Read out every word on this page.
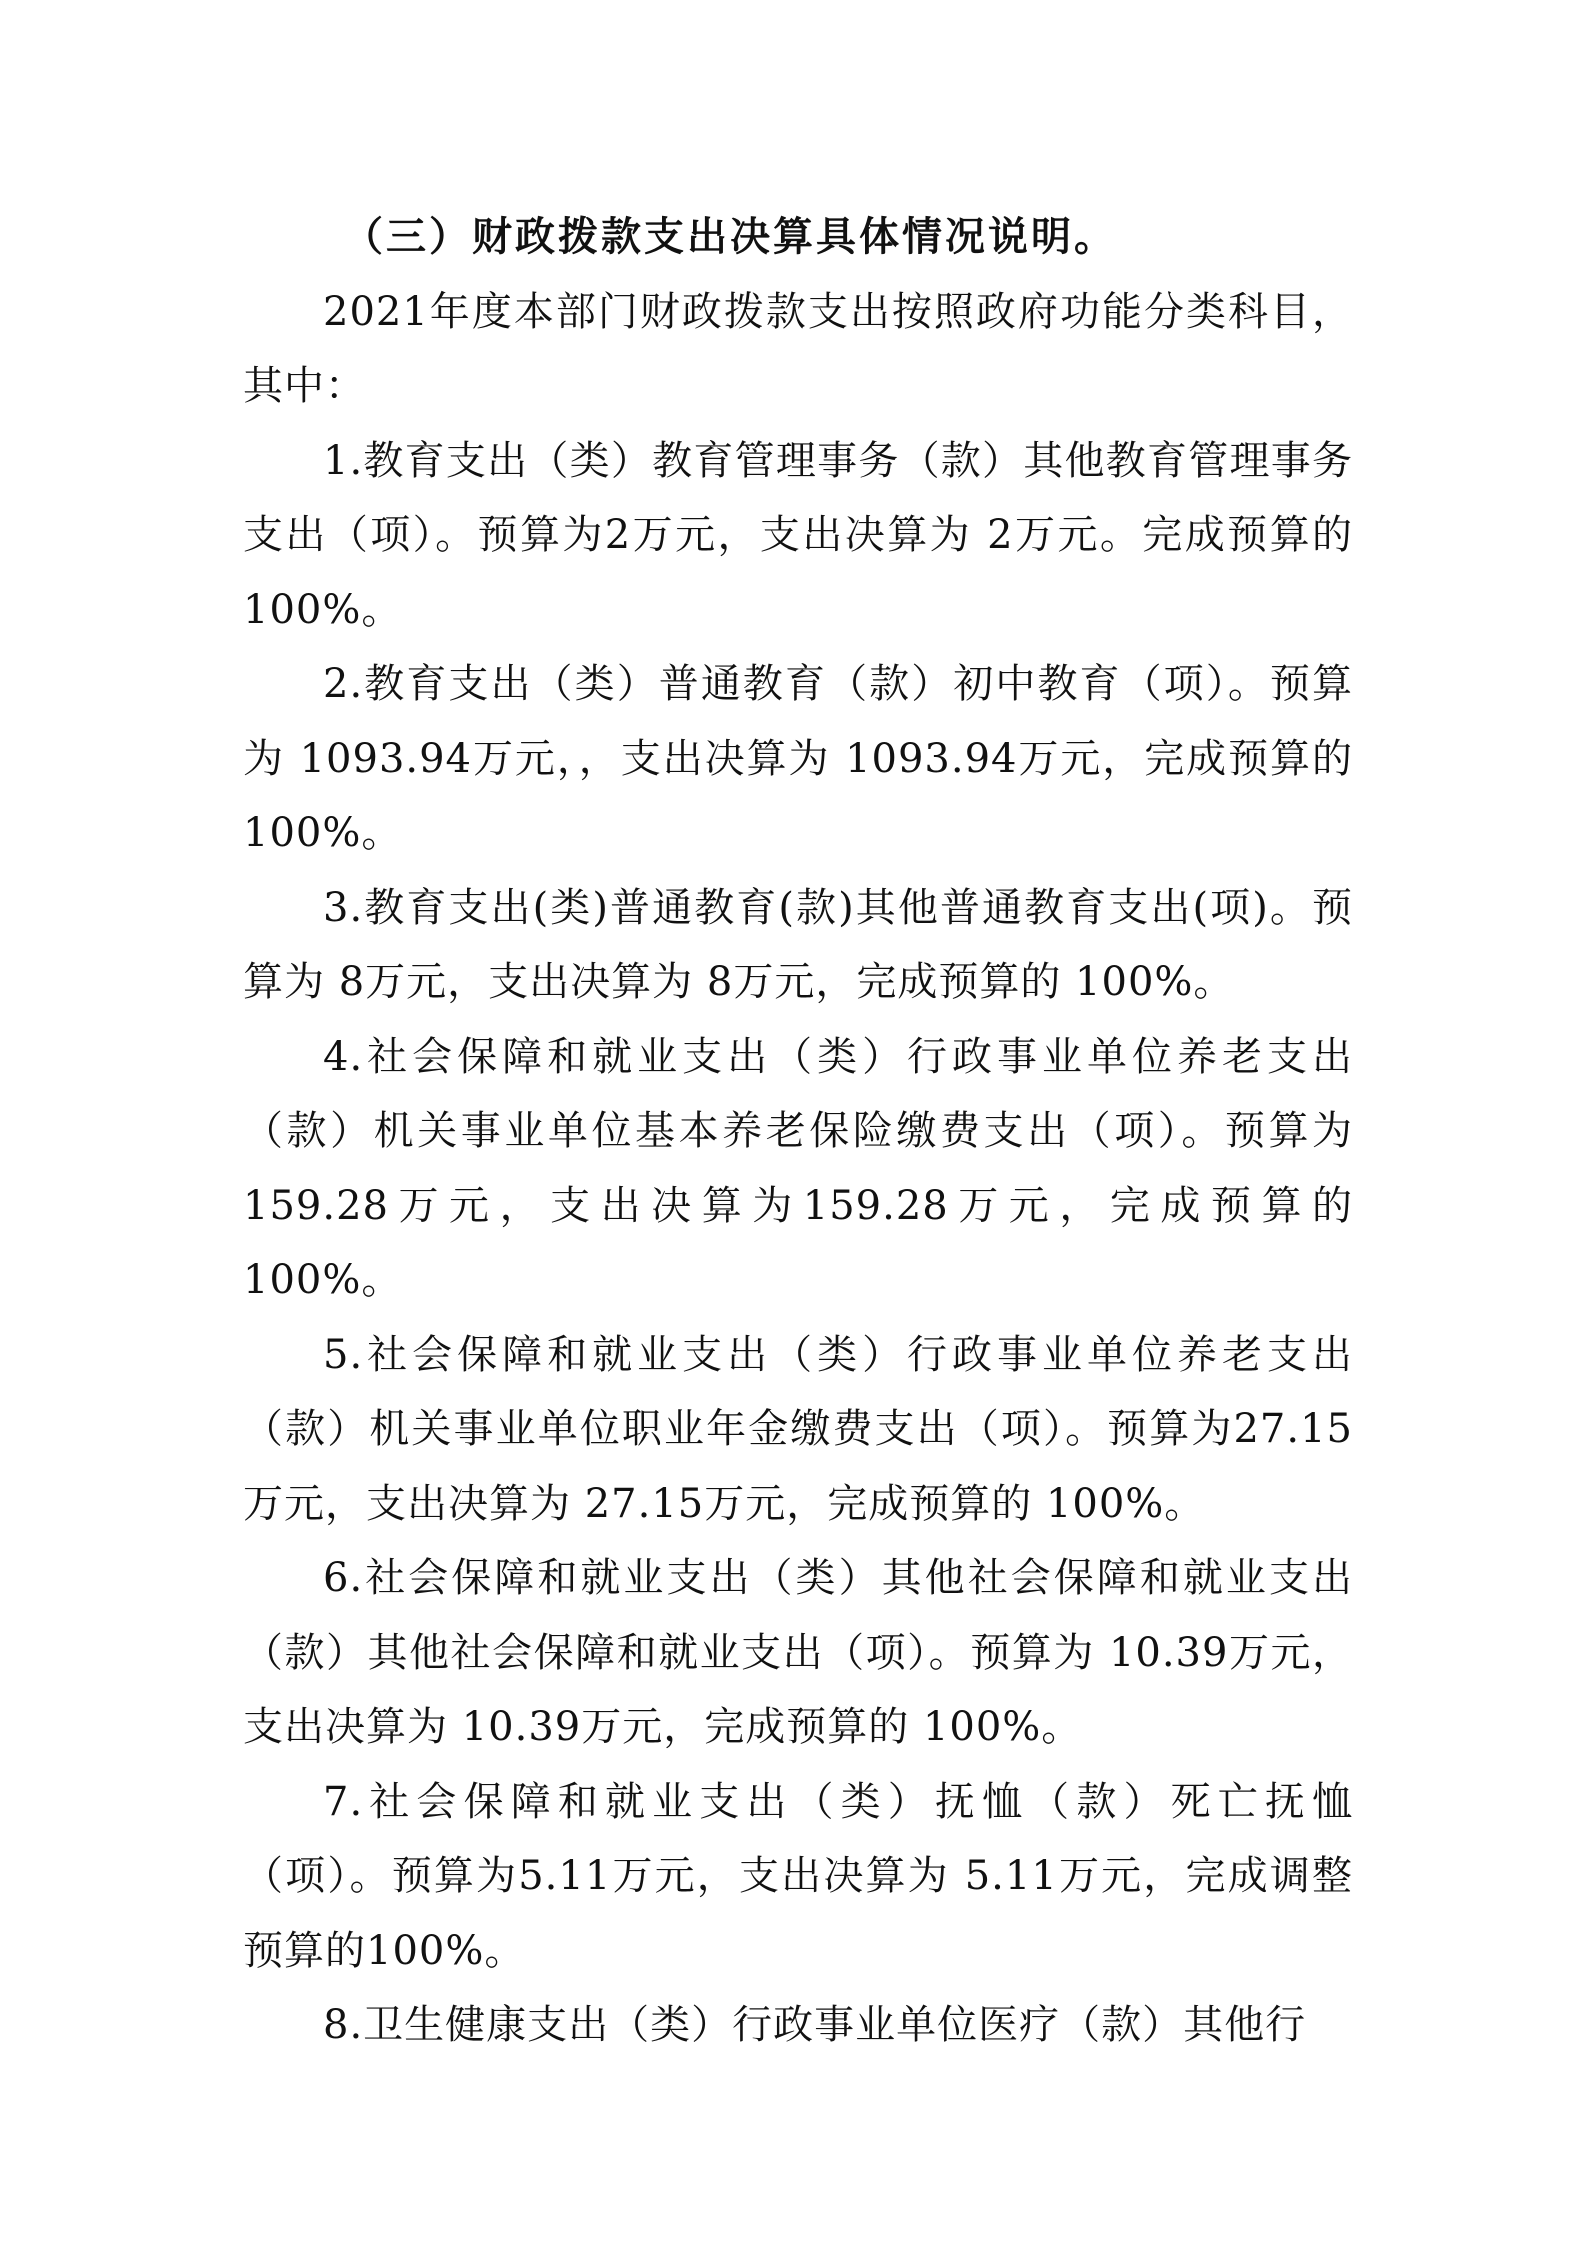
（三）财政拨款支出决算具体情况说明。

2021年度本部门财政拨款支出按照政府功能分类科目，其中：

1.教育支出（类）教育管理事务（款）其他教育管理事务支出（项）。预算为2万元，支出决算为 2万元。完成预算的100%。

2.教育支出（类）普通教育（款）初中教育（项）。预算为 1093.94万元，，支出决算为 1093.94万元，完成预算的100%。

3.教育支出(类)普通教育(款)其他普通教育支出(项)。预算为 8万元，支出决算为 8万元，完成预算的 100%。

4.社会保障和就业支出（类）行政事业单位养老支出（款）机关事业单位基本养老保险缴费支出（项）。预算为159.28万元，支出决算为159.28万元，完成预算的 100%。

5.社会保障和就业支出（类）行政事业单位养老支出（款）机关事业单位职业年金缴费支出（项）。预算为27.15万元，支出决算为 27.15万元，完成预算的 100%。

6.社会保障和就业支出（类）其他社会保障和就业支出（款）其他社会保障和就业支出（项）。预算为 10.39万元，支出决算为 10.39万元，完成预算的 100%。

7.社会保障和就业支出（类）抚恤（款）死亡抚恤（项）。预算为5.11万元，支出决算为 5.11万元，完成调整预算的100%。

8.卫生健康支出（类）行政事业单位医疗（款）其他行
